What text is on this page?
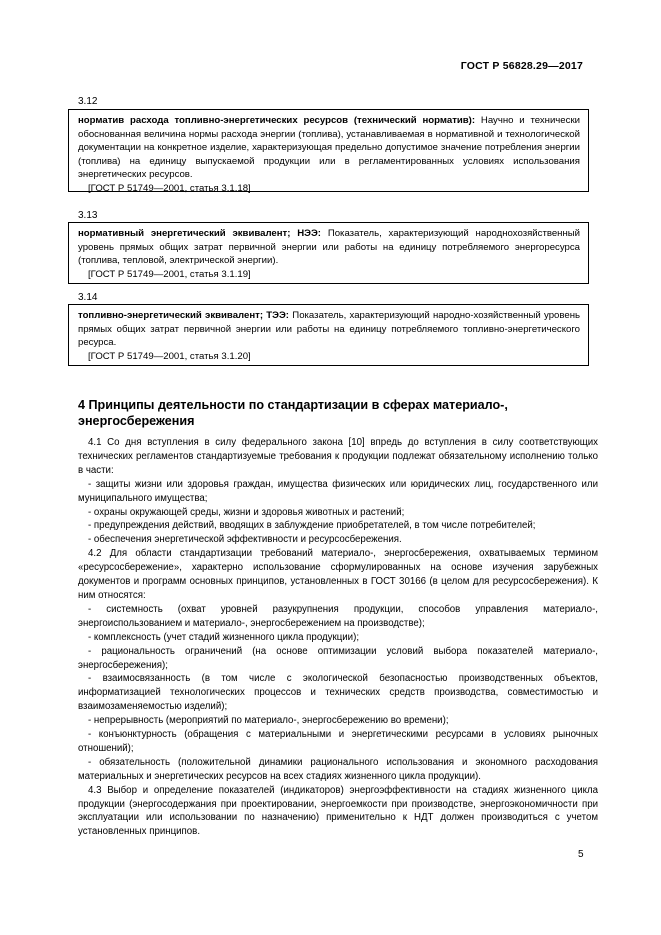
ГОСТ Р 56828.29—2017
3.12

норматив расхода топливно-энергетических ресурсов (технический норматив): Научно и технически обоснованная величина нормы расхода энергии (топлива), устанавливаемая в нормативной и технологической документации на конкретное изделие, характеризующая предельно допустимое значение потребления энергии (топлива) на единицу выпускаемой продукции или в регламентированных условиях использования энергетических ресурсов.

[ГОСТ Р 51749—2001, статья 3.1.18]

3.13

нормативный энергетический эквивалент; НЭЭ: Показатель, характеризующий народнохозяйственный уровень прямых общих затрат первичной энергии или работы на единицу потребляемого энергоресурса (топлива, тепловой, электрической энергии).

[ГОСТ Р 51749—2001, статья 3.1.19]

3.14

топливно-энергетический эквивалент; ТЭЭ: Показатель, характеризующий народно-хозяйственный уровень прямых общих затрат первичной энергии или работы на единицу потребляемого топливно-энергетического ресурса.

[ГОСТ Р 51749—2001, статья 3.1.20]

4 Принципы деятельности по стандартизации в сферах материало-, энергосбережения

4.1 Со дня вступления в силу федерального закона [10] впредь до вступления в силу соответствующих технических регламентов стандартизуемые требования к продукции подлежат обязательному исполнению только в части:

- защиты жизни или здоровья граждан, имущества физических или юридических лиц, государственного или муниципального имущества;

- охраны окружающей среды, жизни и здоровья животных и растений;

- предупреждения действий, вводящих в заблуждение приобретателей, в том числе потребителей;

- обеспечения энергетической эффективности и ресурсосбережения.

4.2 Для области стандартизации требований материало-, энергосбережения, охватываемых термином «ресурсосбережение», характерно использование сформулированных на основе изучения зарубежных документов и программ основных принципов, установленных в ГОСТ 30166 (в целом для ресурсосбережения). К ним относятся:

- системность (охват уровней разукрупнения продукции, способов управления материало-, энергоиспользованием и материало-, энергосбережением на производстве);

- комплексность (учет стадий жизненного цикла продукции);

- рациональность ограничений (на основе оптимизации условий выбора показателей материало-, энергосбережения);

- взаимосвязанность (в том числе с экологической безопасностью производственных объектов, информатизацией технологических процессов и технических средств производства, совместимостью и взаимозаменяемостью изделий);

- непрерывность (мероприятий по материало-, энергосбережению во времени);

- конъюнктурность (обращения с материальными и энергетическими ресурсами в условиях рыночных отношений);

- обязательность (положительной динамики рационального использования и экономного расходования материальных и энергетических ресурсов на всех стадиях жизненного цикла продукции).

4.3 Выбор и определение показателей (индикаторов) энергоэффективности на стадиях жизненного цикла продукции (энергосодержания при проектировании, энергоемкости при производстве, энергоэкономичности при эксплуатации или использовании по назначению) применительно к НДТ должен производиться с учетом установленных принципов.

5
